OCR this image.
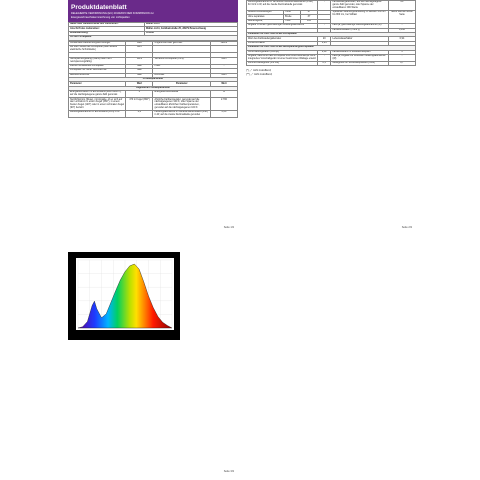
Produktdatenblatt
DELEGIERTE VERORDNUNG (EU) 2019/2015 DER KOMMISSION zur
Energieverbrauchskennzeichnung von Lichtquellen
Name oder Handelsmarke des Lieferanten:	Müller-Licht
Anschrift des Lieferanten:	Müller-Licht, Goldbekstraße 25, 28279 Braunschweig
Modellkennung:	401193
Art der Lichtquelle:	
Verwendete Beleuchtungstechnologie:	LED	Ungerichtet oder gerichtet:	NDLS
Mit oder Sockel der Lichtquelle (oder andere elektrische Schnittstelle)	E14		

Netzspannungsfähig (mains) oder nicht netzspannungsfähig:	MLS	Vernetzte Lichtquelle (CLS):	Nein
Farblich einstellbare Lichtquelle:	Nein	Hülle:	-
Lichtquelle mit hoher Leuchtdichte:	Nein		
Blendschutzschild:	Nein	Dimmbar:	Nein
Produktparameter			
Parameter	Wert	Parameter	Wert
Allgemeine Produktparameter			
Energieverbrauch im Ein-Zustand (kWh/1000 h), auf die nächstgelegene ganze Zahl gerundet	4	Energieeffizienzklasse	G
Nutzlichtstrom (Φuse), mit Angabe, ob er sich auf den Lichtstrom in einem Kegel (360°), in einem breiten Kegel (120°) oder in einem schmalen Kegel (90°) bezieht	470 in Kugel (360°)	Ähnliche Farbtemperatur, gerundet auf die nächstgelegenen 100 K, oder Spanne der einstellbaren ähnlichen Farbtemperaturen, gerundet auf die nächstgelegenen 100 K	2.700
Leistungsaufnahme im Ein-Zustand (Pon) in W	4,0	Leistungsaufnahme im Bereitschaftszustand (Psb) in W, auf die zweite Dezimalstelle gerundet	0,00
Seite 1/3
Leistungsaufnahme im vernetzten Bereitschaftsbetrieb (Pnet) für CLS in W, auf die zweite Dezimalstelle gerundet			-	Farbwiedergabeindex, auf die nächstgelegene ganze Zahl gerundet, oder Spanne der einstellbaren CRI-Werte	80
Äußere Abmessungen	Höhe	97		Spektrale Strahlungsverteilung im Bereich 250 nm bis 800 nm, bei Volllast	Siehe Bild auf letzter Seite
ohne separates	Breite	37			
Betriebsgerät,	Tiefe	105			
Angabe zu einem gleichwertigen Leistungsaufnahme**			-	Falls ja, gleichwertige Leistungsaufnahme (W)	-
				Farbkoordinaten (x und y)	0,440
Parameter für LED- und OLED-Lichtquellen					
Wert des Farbwiedergabeindex			20	Lebensdauerfaktor	0,94
Lichtstromfaktor			0,94		
Parameter für LED- und OLED-Netzspannungslichtquellen					
Verschiebungsfaktor (cos φ1)			0,52	Farbkonsistenz in McAdam-Ellipsen	5
Angabe, dass eine LED-Lichtquelle eine Leuchtstofflampe ohne integriertes Vorschaltgerät mit einer bestimmten Wattage ersetzt			-	Falls ja, Angabe zur ersetzten Leistungsaufnahme (W)	-
Flimmer-Messgröße (Pst LM)			0,1	Messgröße für Stroboskop-Effekt (SVM)	0,7
(*) „-" nicht zutreffend;
(**) „-" nicht zutreffend;
Seite 2/3
Seite 3/3
